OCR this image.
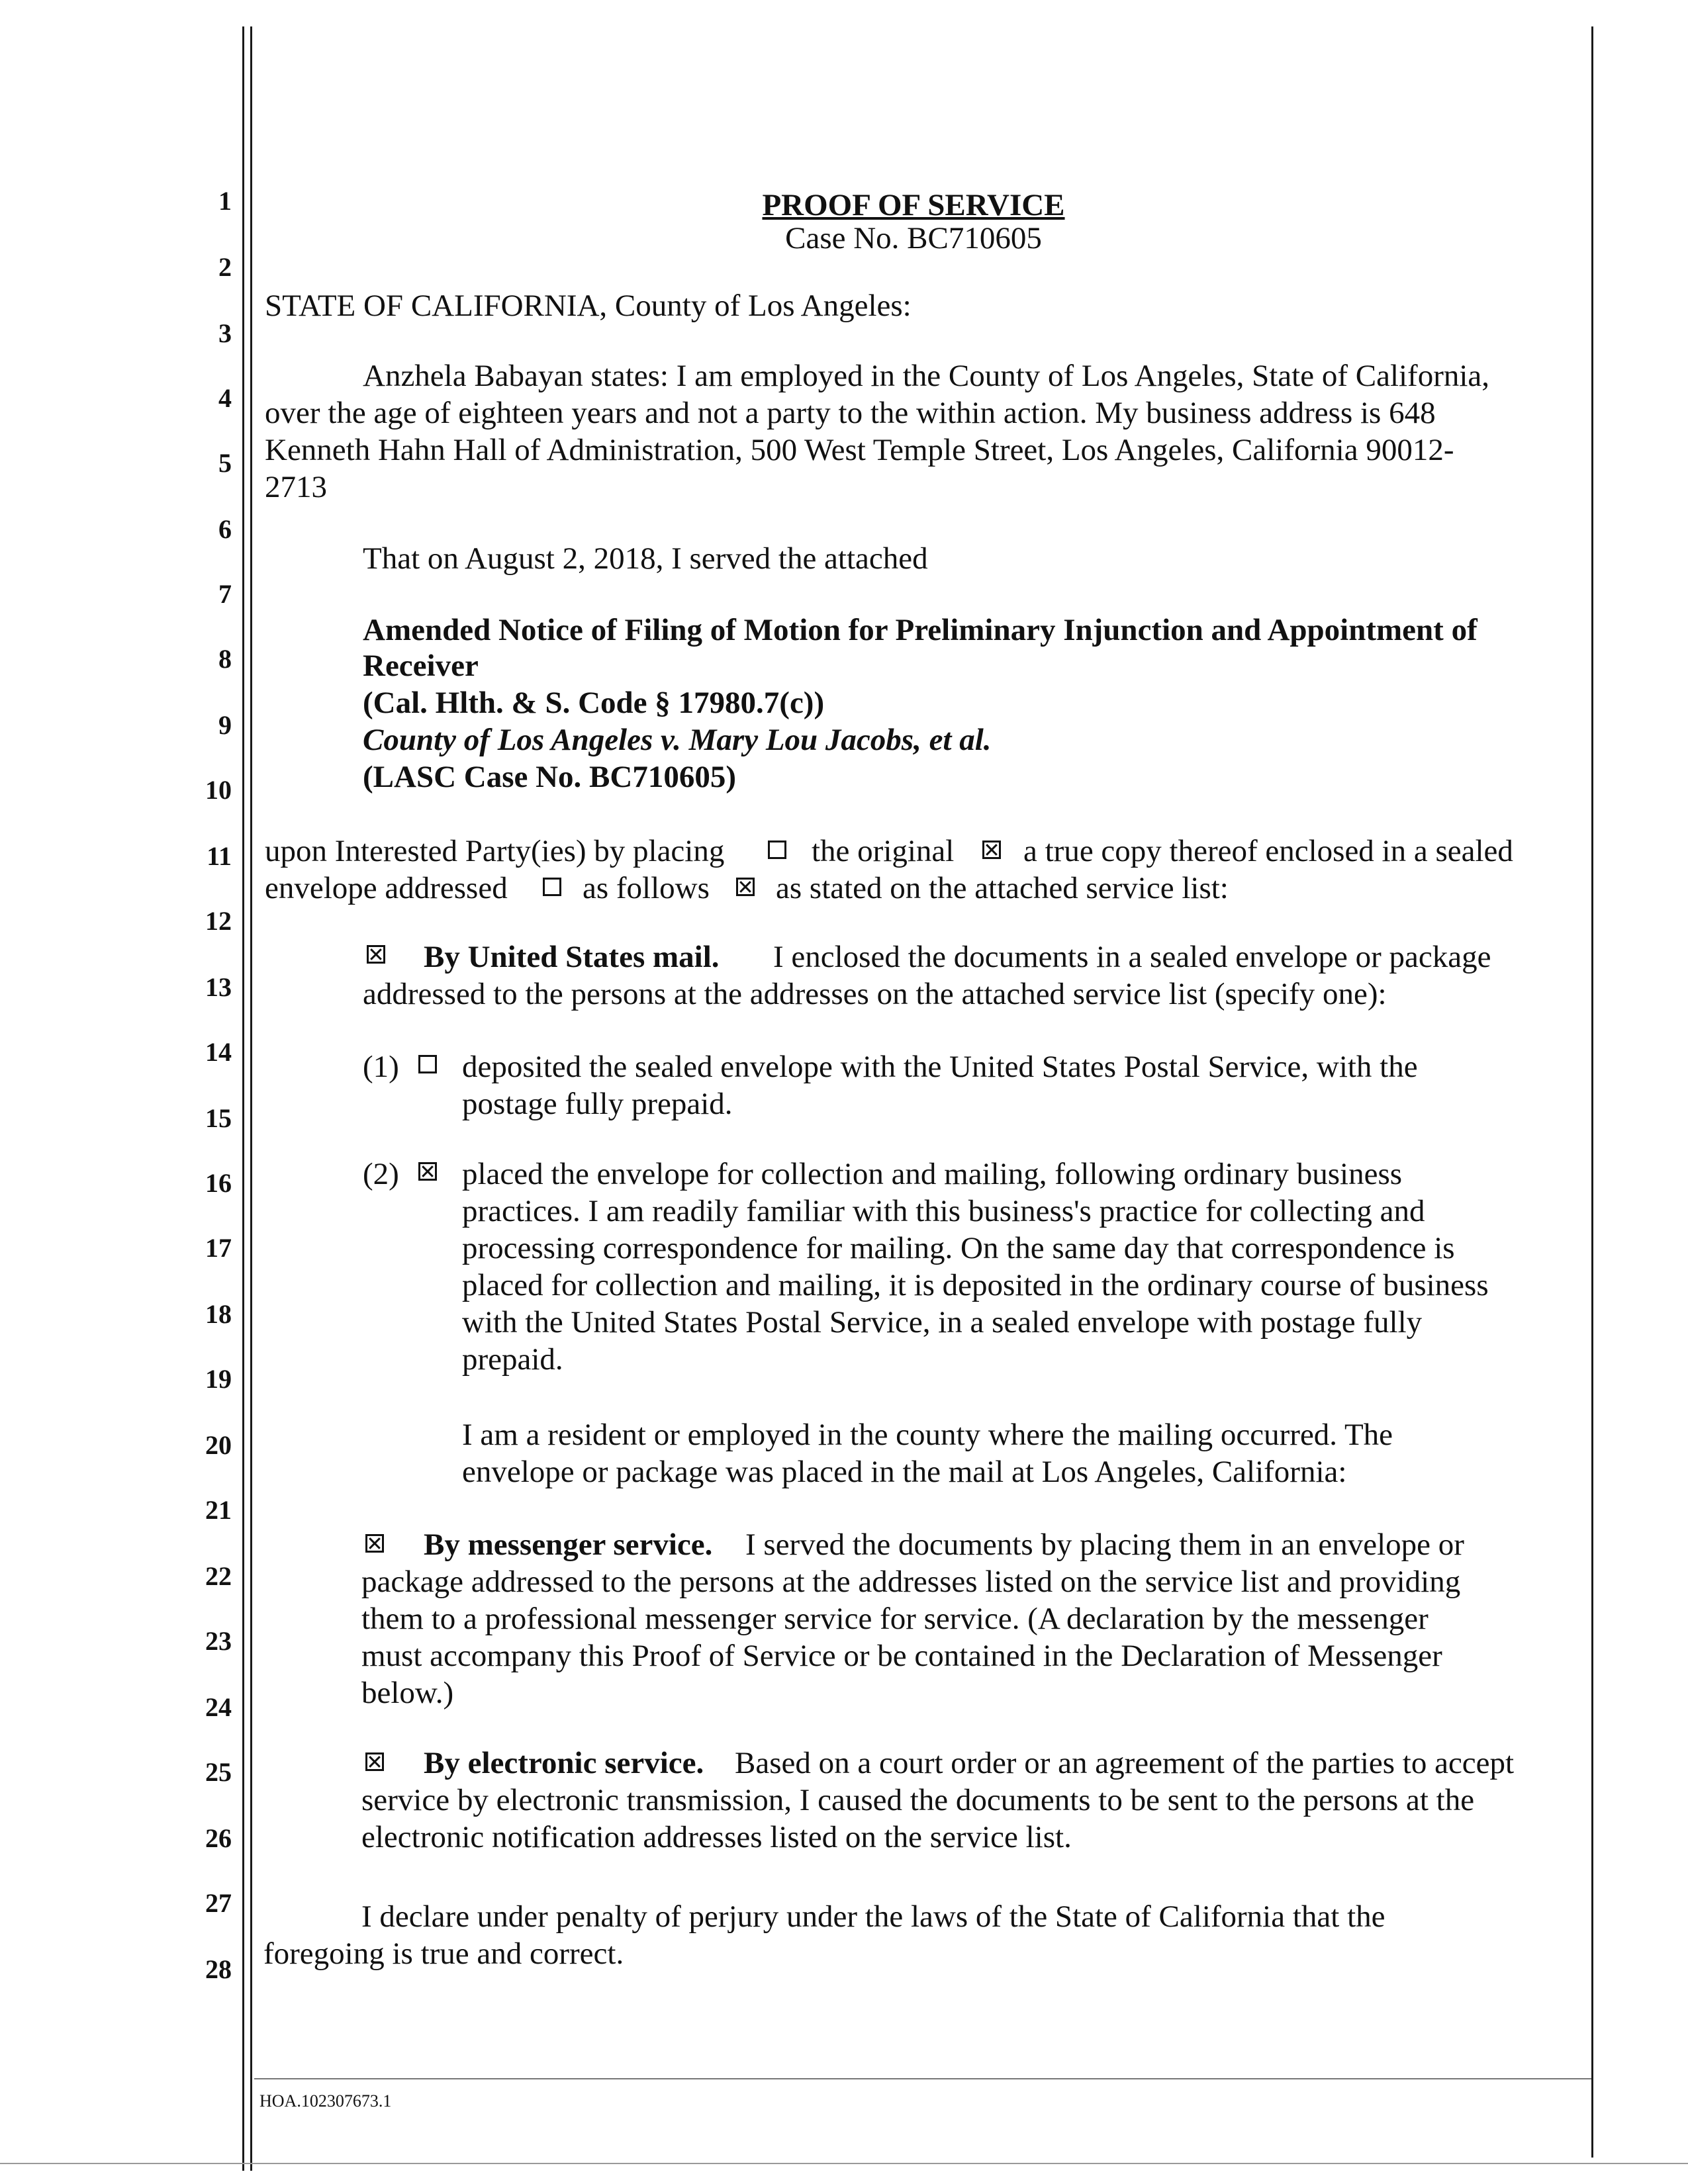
1
2
3
4
5
6
7
8
9
10
11
12
13
14
15
16
17
18
19
20
21
22
23
24
25
26
27
28
PROOF OF SERVICE
Case No. BC710605
STATE OF CALIFORNIA, County of Los Angeles:
Anzhela Babayan states: I am employed in the County of Los Angeles, State of California,
over the age of eighteen years and not a party to the within action. My business address is 648
Kenneth Hahn Hall of Administration, 500 West Temple Street, Los Angeles, California 90012-
2713
That on August 2, 2018, I served the attached
Amended Notice of Filing of Motion for Preliminary Injunction and Appointment of
Receiver
(Cal. Hlth. & S. Code § 17980.7(c))
County of Los Angeles v. Mary Lou Jacobs, et al.
(LASC Case No. BC710605)
upon Interested Party(ies) by placing	the original a true copy thereof enclosed in a sealed
envelope addressed as follows as stated on the attached service list:
By United States mail. I enclosed the documents in a sealed envelope or package
addressed to the persons at the addresses on the attached service list (specify one):
(1) deposited the sealed envelope with the United States Postal Service, with the
postage fully prepaid.
(2) placed the envelope for collection and mailing, following ordinary business
practices. I am readily familiar with this business's practice for collecting and
processing correspondence for mailing. On the same day that correspondence is
placed for collection and mailing, it is deposited in the ordinary course of business
with the United States Postal Service, in a sealed envelope with postage fully
prepaid.
I am a resident or employed in the county where the mailing occurred. The
envelope or package was placed in the mail at Los Angeles, California:
By messenger service. I served the documents by placing them in an envelope or
package addressed to the persons at the addresses listed on the service list and providing
them to a professional messenger service for service. (A declaration by the messenger
must accompany this Proof of Service or be contained in the Declaration of Messenger
below.)
By electronic service. Based on a court order or an agreement of the parties to accept
service by electronic transmission, I caused the documents to be sent to the persons at the
electronic notification addresses listed on the service list.
I declare under penalty of perjury under the laws of the State of California that the
foregoing is true and correct.
HOA.102307673.1
